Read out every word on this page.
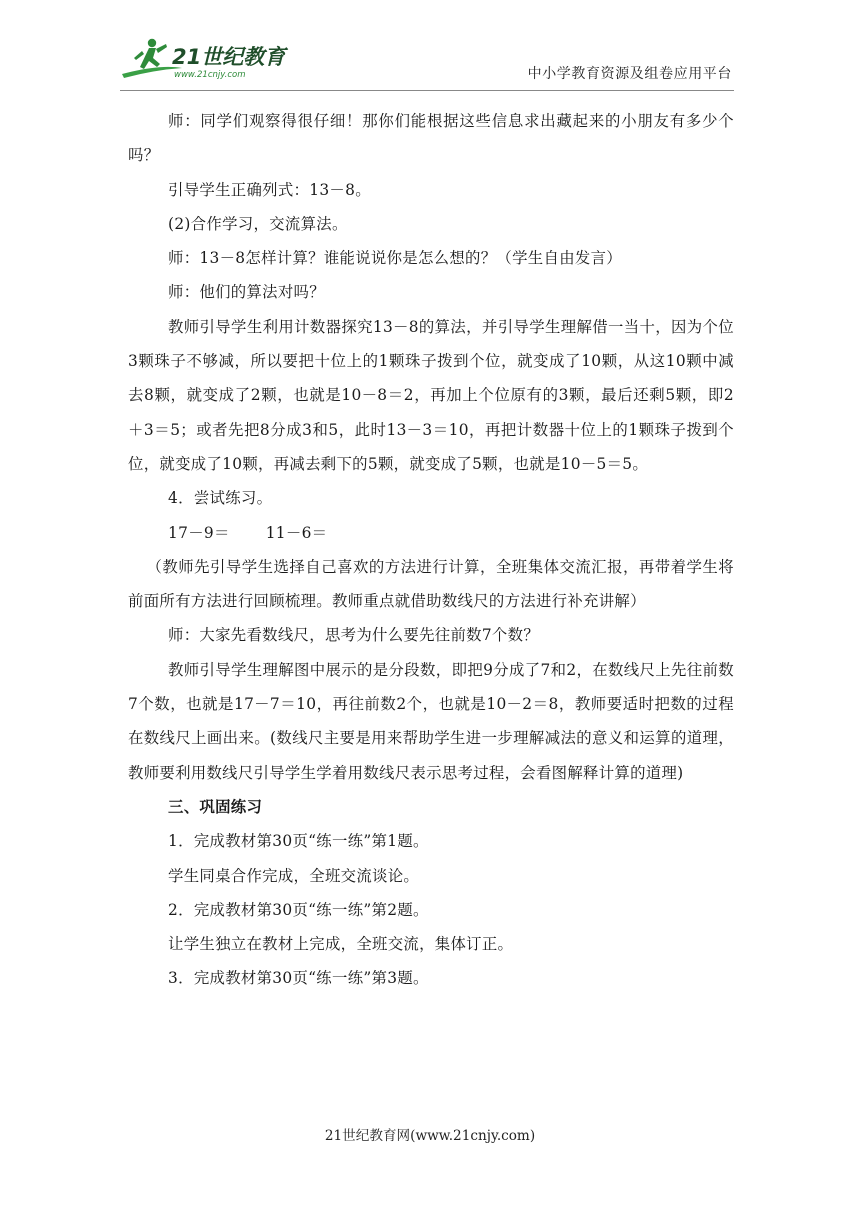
21世纪教育
www.21cnjy.com	中小学教育资源及组卷应用平台

师：同学们观察得很仔细！那你们能根据这些信息求出藏起来的小朋友有多少个吗？

引导学生正确列式：13－8。

(2)合作学习，交流算法。

师：13－8怎样计算？谁能说说你是怎么想的？（学生自由发言）

师：他们的算法对吗？

教师引导学生利用计数器探究13－8的算法，并引导学生理解借一当十，因为个位3颗珠子不够减，所以要把十位上的1颗珠子拨到个位，就变成了10颗，从这10颗中减去8颗，就变成了2颗，也就是10－8＝2，再加上个位原有的3颗，最后还剩5颗，即2＋3＝5；或者先把8分成3和5，此时13－3＝10，再把计数器十位上的1颗珠子拨到个位，就变成了10颗，再减去剩下的5颗，就变成了5颗，也就是10－5＝5。

4．尝试练习。

17－9＝ 11－6＝

（教师先引导学生选择自己喜欢的方法进行计算，全班集体交流汇报，再带着学生将前面所有方法进行回顾梳理。教师重点就借助数线尺的方法进行补充讲解）

师：大家先看数线尺，思考为什么要先往前数7个数？

教师引导学生理解图中展示的是分段数，即把9分成了7和2，在数线尺上先往前数7个数，也就是17－7＝10，再往前数2个，也就是10－2＝8，教师要适时把数的过程在数线尺上画出来。(数线尺主要是用来帮助学生进一步理解减法的意义和运算的道理，教师要利用数线尺引导学生学着用数线尺表示思考过程，会看图解释计算的道理)

三、巩固练习

1．完成教材第30页“练一练”第1题。

学生同桌合作完成，全班交流谈论。

2．完成教材第30页“练一练”第2题。

让学生独立在教材上完成，全班交流，集体订正。

3．完成教材第30页“练一练”第3题。

21世纪教育网(www.21cnjy.com)
